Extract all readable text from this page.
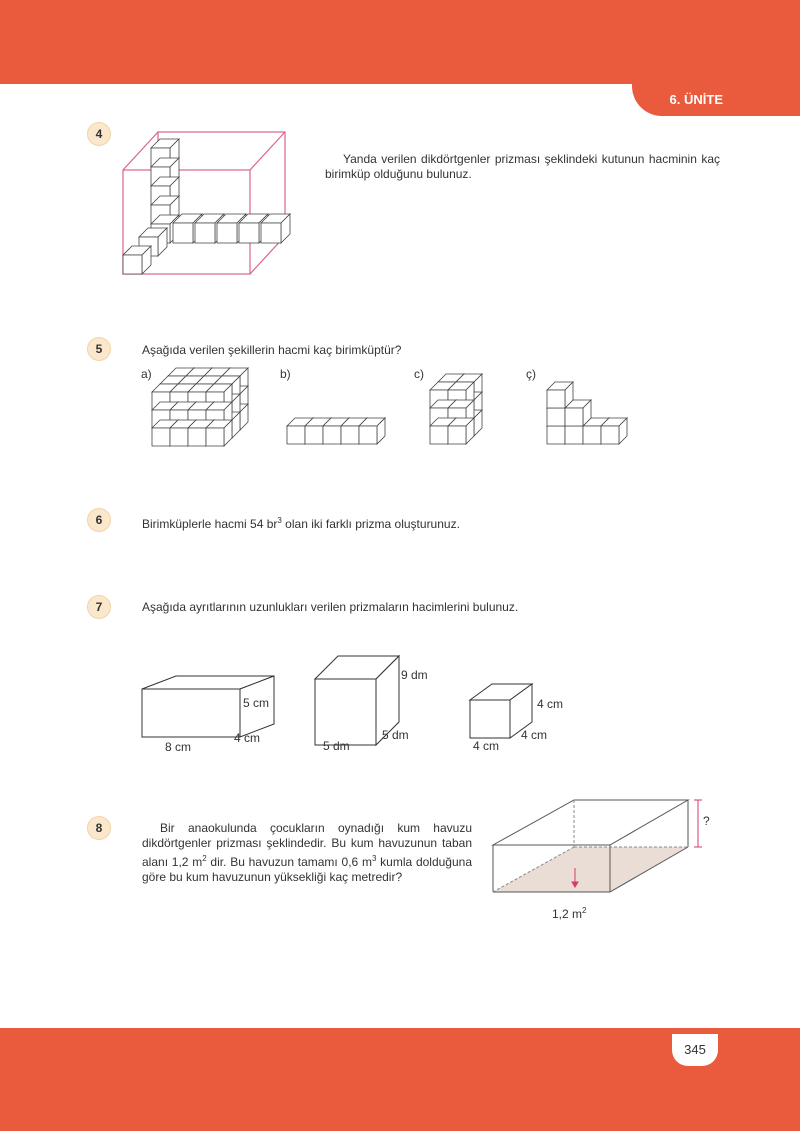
6. ÜNİTE
4
Yanda verilen dikdörtgenler prizması şeklindeki kutunun hacminin kaç birimküp olduğunu bulunuz.
5	Aşağıda verilen şekillerin hacmi kaç birimküptür?
a)	b)	c)	ç)
6	Birimküplerle hacmi 54 $br^3$ olan iki farklı prizma oluşturunuz.
7	Aşağıda ayrıtlarının uzunlukları verilen prizmaların hacimlerini bulunuz.
5 cm
4 cm
8 cm
9 dm
5 dm
5 dm
4 cm
4 cm
4 cm
8	Bir anaokulunda çocukların oynadığı kum havuzu dikdörtgenler prizması şeklindedir. Bu kum havuzunun taban alanı 1,2 $m^2$ dir. Bu havuzun tamamı 0,6 $m^3$ kumla dolduğuna göre bu kum havuzunun yüksekliği kaç metredir?
?
1,2 $m^2$
345
